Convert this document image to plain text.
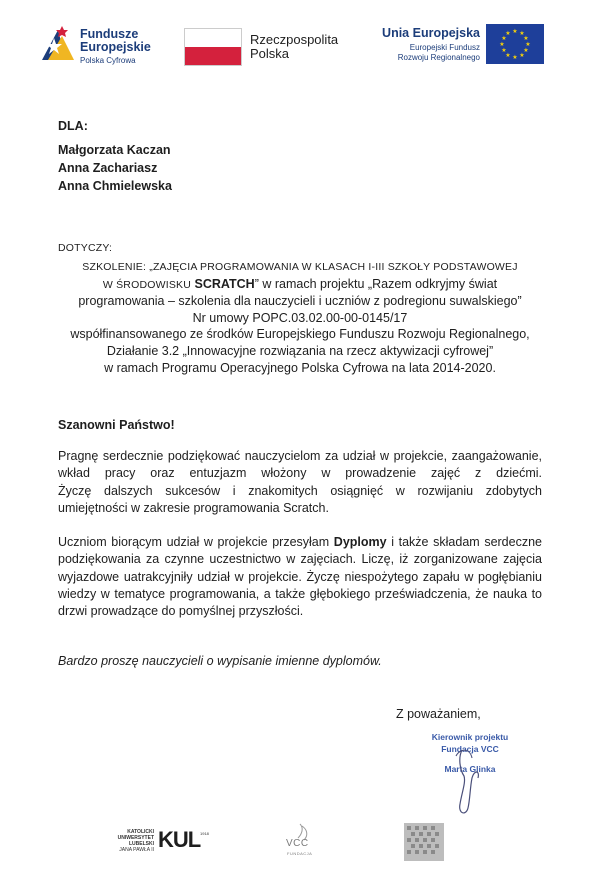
Fundusze
Europejskie
Polska Cyfrowa
Rzeczpospolita
Polska
Unia Europejska
Europejski Fundusz
Rozwoju Regionalnego
★ ★
★
★
★
★
★
★
★
★
★
★
DLA:
Małgorzata Kaczan
Anna Zachariasz
Anna Chmielewska
DOTYCZY:
SZKOLENIE: „ZAJĘCIA PROGRAMOWANIA W KLASACH I-III SZKOŁY PODSTAWOWEJ
W ŚRODOWISKU SCRATCH” w ramach projektu „Razem odkryjmy świat
programowania – szkolenia dla nauczycieli i uczniów z podregionu suwalskiego”
Nr umowy POPC.03.02.00-00-0145/17
współfinansowanego ze środków Europejskiego Funduszu Rozwoju Regionalnego,
Działanie 3.2 „Innowacyjne rozwiązania na rzecz aktywizacji cyfrowej”
w ramach Programu Operacyjnego Polska Cyfrowa na lata 2014-2020.
Szanowni Państwo!
Pragnę serdecznie podziękować nauczycielom za udział w projekcie, zaangażowanie,
wkład pracy oraz entuzjazm włożony w prowadzenie zajęć z dziećmi.
Życzę dalszych sukcesów i znakomitych osiągnięć w rozwijaniu zdobytych
umiejętności w zakresie programowania Scratch.
Uczniom biorącym udział w projekcie przesyłam Dyplomy i także składam serdeczne
podziękowania za czynne uczestnictwo w zajęciach. Liczę, iż zorganizowane zajęcia
wyjazdowe uatrakcyjniły udział w projekcie. Życzę niespożytego zapału w pogłębianiu
wiedzy w tematyce programowania, a także głębokiego przeświadczenia, że nauka to
drzwi prowadzące do pomyślnej przyszłości.
Bardzo proszę nauczycieli o wypisanie imienne dyplomów.
Z poważaniem,
Kierownik projektu
Fundacja VCC
Marta Glinka
KATOLICKI
UNIWERSYTET
LUBELSKI
JANA PAWŁA II KUL 1918
VCC
FUNDACJA
